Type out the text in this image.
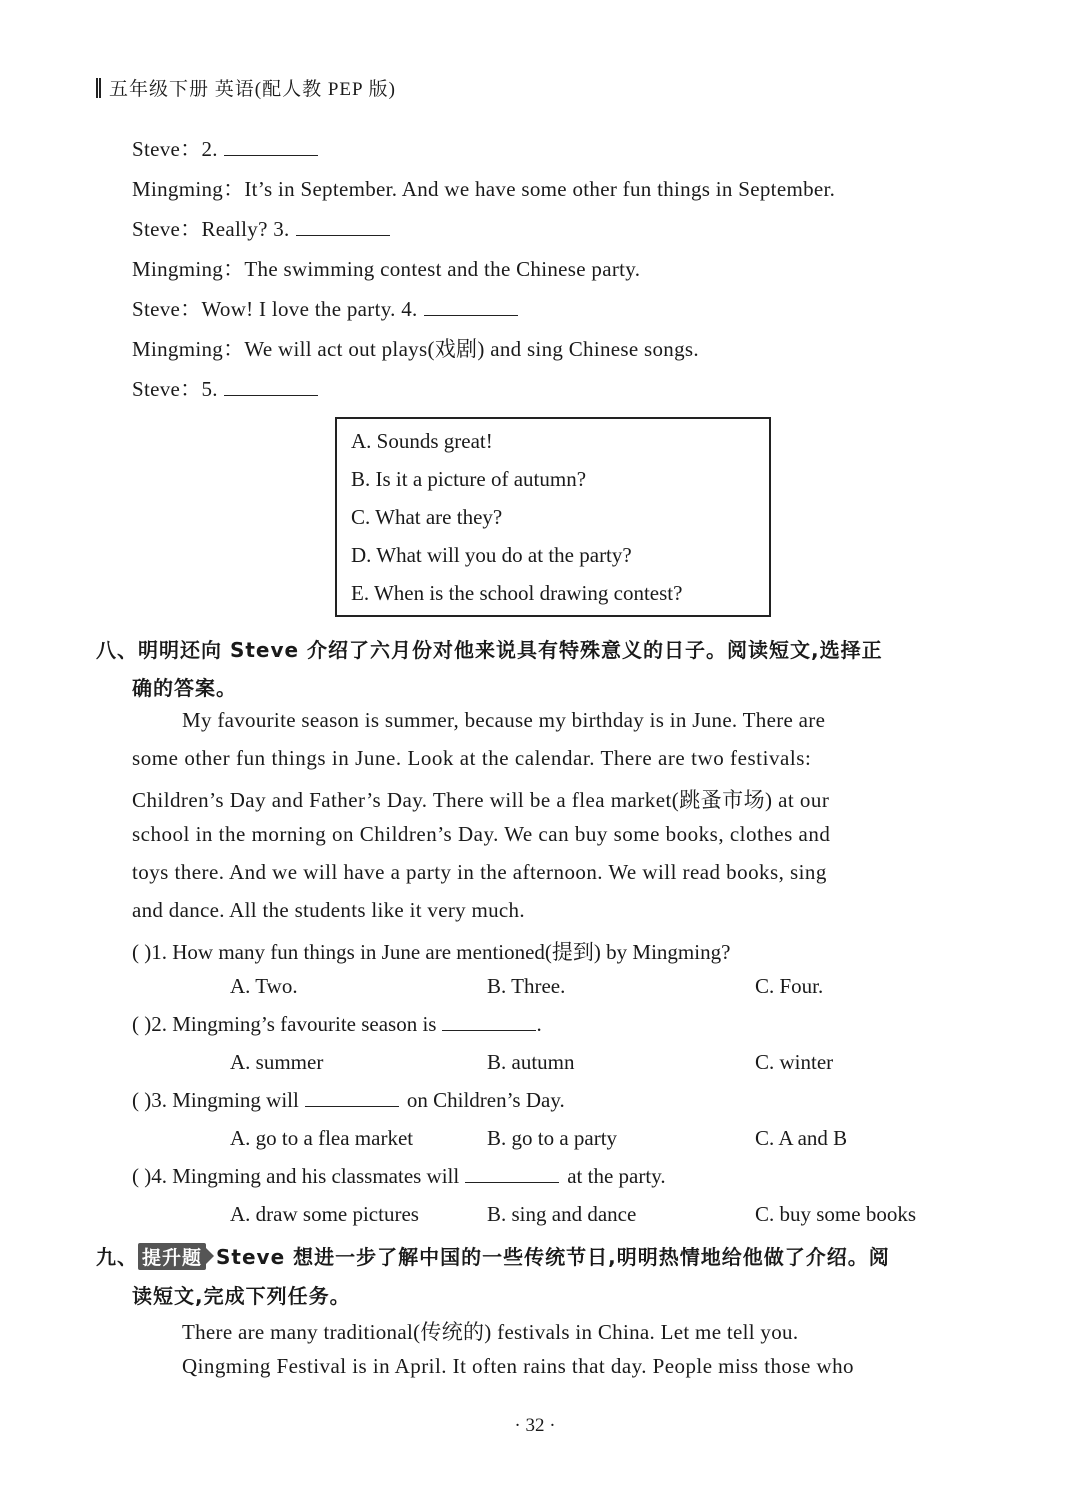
五年级下册 英语(配人教 PEP 版)
Steve：2.
Mingming：It’s in September. And we have some other fun things in September.
Steve：Really? 3.
Mingming：The swimming contest and the Chinese party.
Steve：Wow! I love the party. 4.
Mingming：We will act out plays(戏剧) and sing Chinese songs.
Steve：5.
A. Sounds great!
B. Is it a picture of autumn?
C. What are they?
D. What will you do at the party?
E. When is the school drawing contest?
八、明明还向 Steve 介绍了六月份对他来说具有特殊意义的日子。阅读短文,选择正
确的答案。
My favourite season is summer, because my birthday is in June. There are
some other fun things in June. Look at the calendar. There are two festivals:
Children’s Day and Father’s Day. There will be a flea market(跳蚤市场) at our
school in the morning on Children’s Day. We can buy some books, clothes and
toys there. And we will have a party in the afternoon. We will read books, sing
and dance. All the students like it very much.
( )1. How many fun things in June are mentioned(提到) by Mingming?
A. Two.	B. Three.	C. Four.
( )2. Mingming’s favourite season is	.
A. summer	B. autumn	C. winter
( )3. Mingming will	on Children’s Day.
A. go to a flea market	B. go to a party	C. A and B
( )4. Mingming and his classmates will	at the party.
A. draw some pictures	B. sing and dance	C. buy some books
九、 提升题 Steve 想进一步了解中国的一些传统节日,明明热情地给他做了介绍。阅
读短文,完成下列任务。
There are many traditional(传统的) festivals in China. Let me tell you.
Qingming Festival is in April. It often rains that day. People miss those who
· 32 ·
